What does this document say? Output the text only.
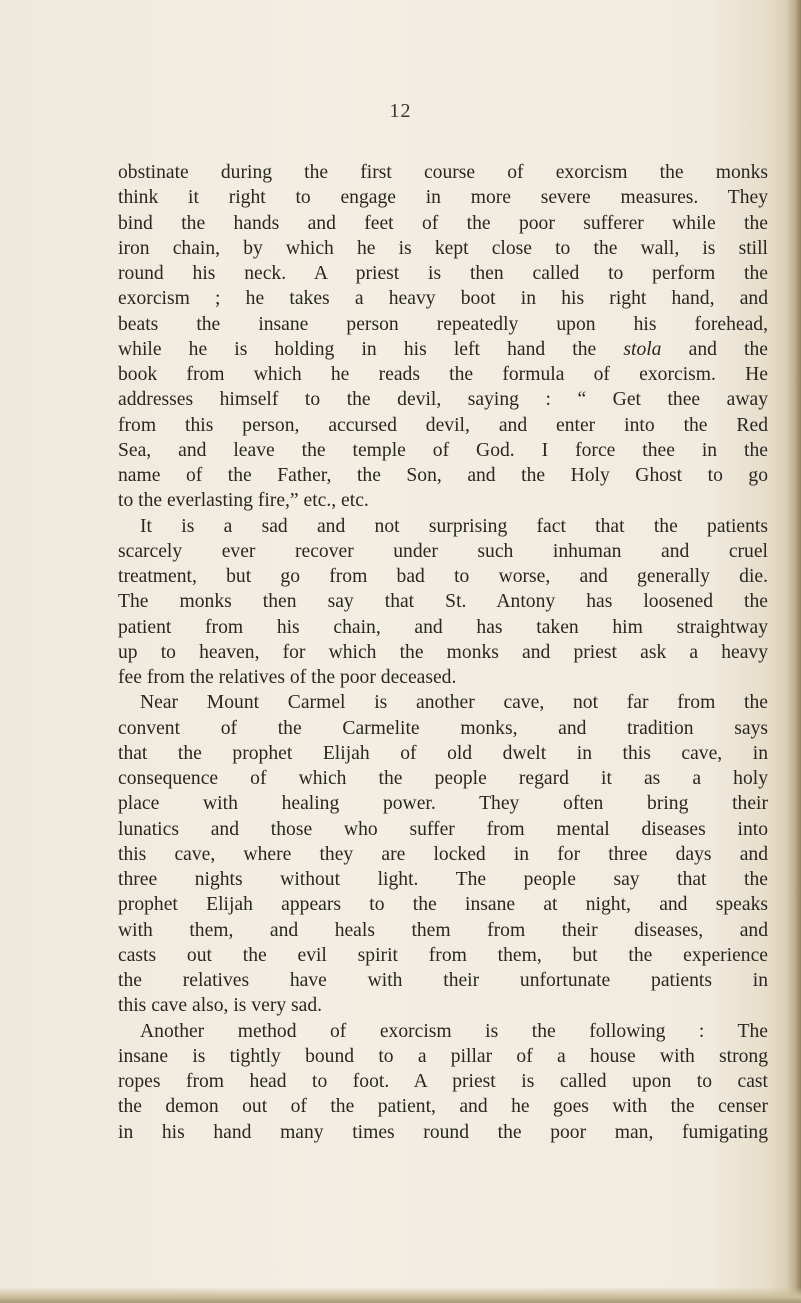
12
obstinate during the first course of exorcism the monks
think it right to engage in more severe measures. They
bind the hands and feet of the poor sufferer while the
iron chain, by which he is kept close to the wall, is still
round his neck. A priest is then called to perform the
exorcism ; he takes a heavy boot in his right hand, and
beats the insane person repeatedly upon his forehead,
while he is holding in his left hand the stola and the
book from which he reads the formula of exorcism. He
addresses himself to the devil, saying : “ Get thee away
from this person, accursed devil, and enter into the Red
Sea, and leave the temple of God. I force thee in the
name of the Father, the Son, and the Holy Ghost to go
to the everlasting fire,” etc., etc.
It is a sad and not surprising fact that the patients
scarcely ever recover under such inhuman and cruel
treatment, but go from bad to worse, and generally die.
The monks then say that St. Antony has loosened the
patient from his chain, and has taken him straightway
up to heaven, for which the monks and priest ask a heavy
fee from the relatives of the poor deceased.
Near Mount Carmel is another cave, not far from the
convent of the Carmelite monks, and tradition says
that the prophet Elijah of old dwelt in this cave, in
consequence of which the people regard it as a holy
place with healing power. They often bring their
lunatics and those who suffer from mental diseases into
this cave, where they are locked in for three days and
three nights without light. The people say that the
prophet Elijah appears to the insane at night, and speaks
with them, and heals them from their diseases, and
casts out the evil spirit from them, but the experience
the relatives have with their unfortunate patients in
this cave also, is very sad.
Another method of exorcism is the following : The
insane is tightly bound to a pillar of a house with strong
ropes from head to foot. A priest is called upon to cast
the demon out of the patient, and he goes with the censer
in his hand many times round the poor man, fumigating
